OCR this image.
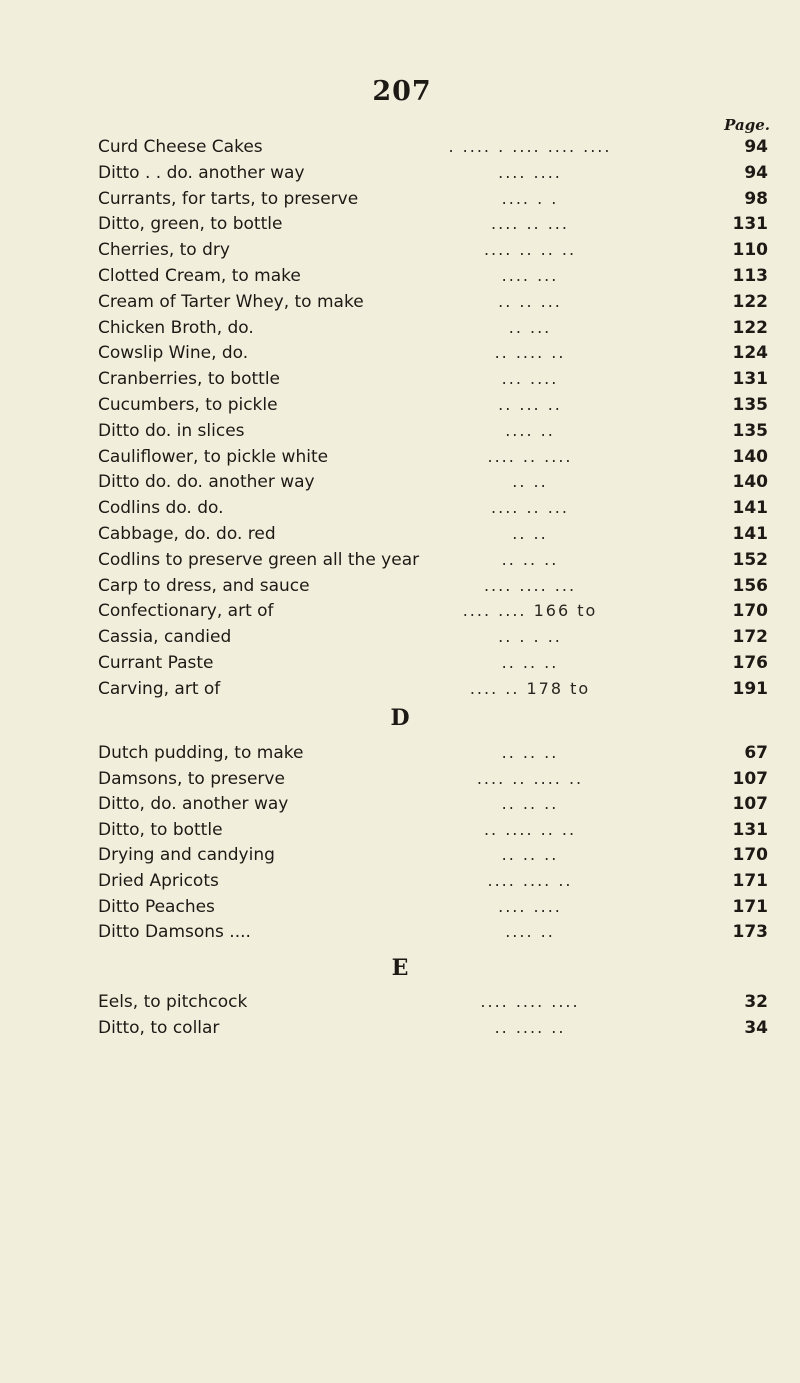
207
Page.
Curd Cheese Cakes	. .... . .... .... ....	94
Ditto . . do. another way	.... ....	94
Currants, for tarts, to preserve	.... . .	98
Ditto, green, to bottle	.... .. ...	131
Cherries, to dry	.... .. .. ..	110
Clotted Cream, to make	.... ...	113
Cream of Tarter Whey, to make	.. .. ...	122
Chicken Broth, do.	.. ...	122
Cowslip Wine, do.	.. .... ..	124
Cranberries, to bottle	... ....	131
Cucumbers, to pickle	.. ... ..	135
Ditto do. in slices	.... ..	135
Cauliflower, to pickle white	.... .. ....	140
Ditto do. do. another way	.. ..	140
Codlins do. do.	.... .. ...	141
Cabbage, do. do. red	.. ..	141
Codlins to preserve green all the year	.. .. ..	152
Carp to dress, and sauce	.... .... ...	156
Confectionary, art of	.... .... 166 to	170
Cassia, candied	.. . . ..	172
Currant Paste	.. .. ..	176
Carving, art of	.... .. 178 to	191
D
Dutch pudding, to make	.. .. ..	67
Damsons, to preserve	.... .. .... ..	107
Ditto, do. another way	.. .. ..	107
Ditto, to bottle	.. .... .. ..	131
Drying and candying	.. .. ..	170
Dried Apricots	.... .... ..	171
Ditto Peaches	.... ....	171
Ditto Damsons ....	.... ..	173
E
Eels, to pitchcock	.... .... ....	32
Ditto, to collar	.. .... ..	34
